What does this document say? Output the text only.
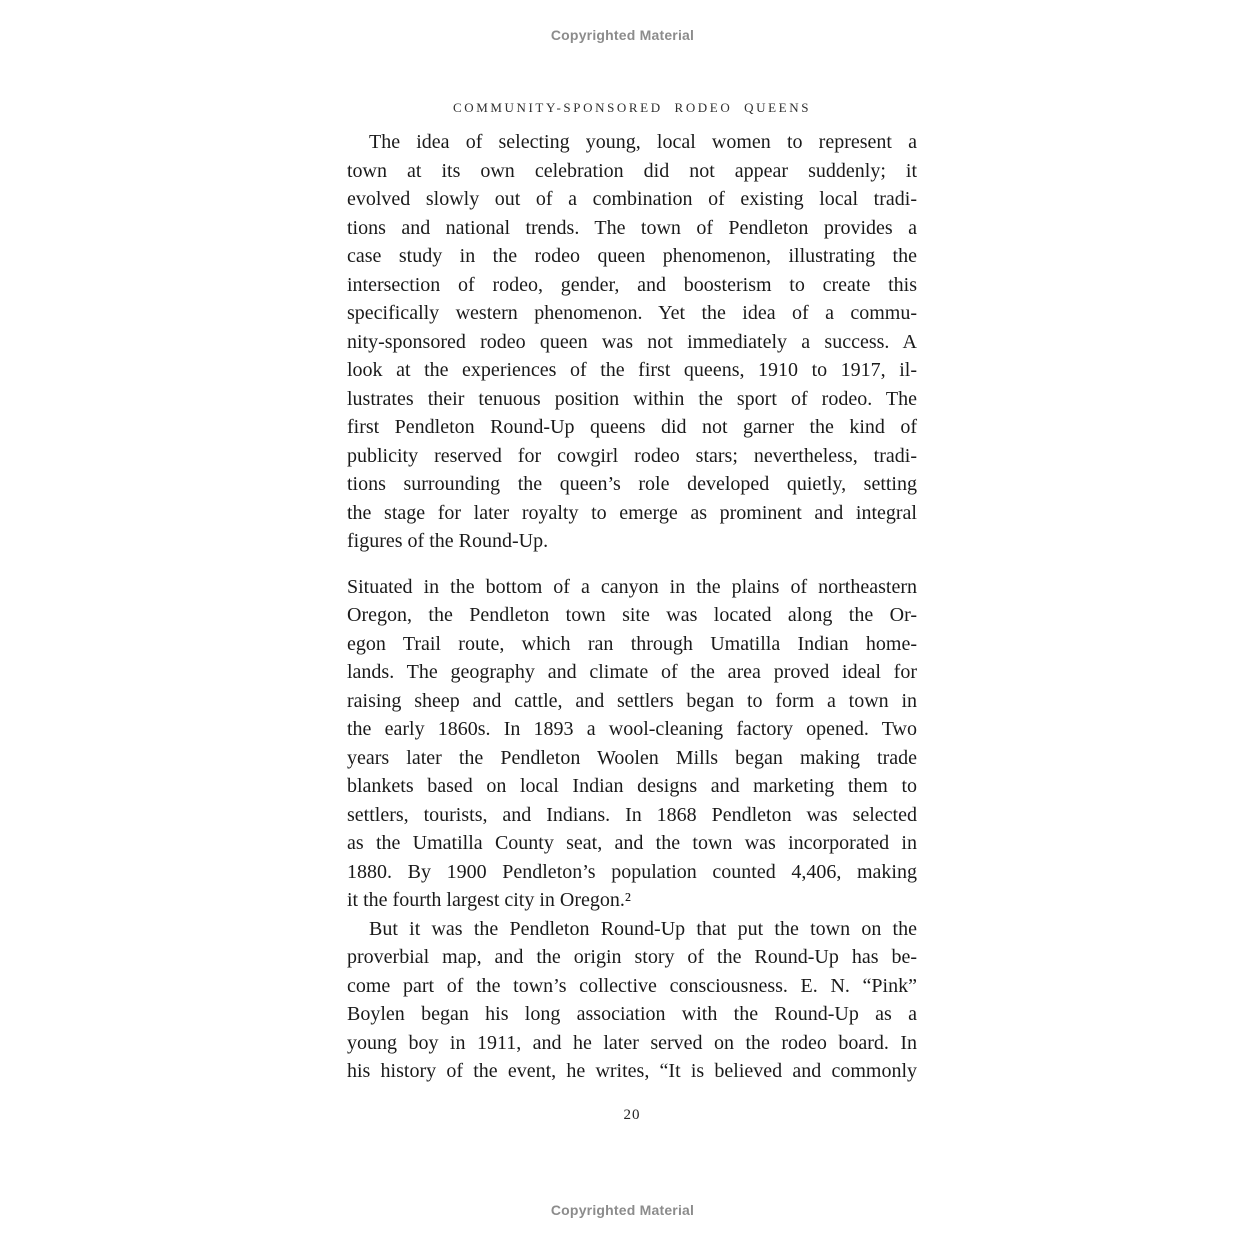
Copyrighted Material
COMMUNITY-SPONSORED RODEO QUEENS
The idea of selecting young, local women to represent a
town at its own celebration did not appear suddenly; it
evolved slowly out of a combination of existing local tradi-
tions and national trends. The town of Pendleton provides a
case study in the rodeo queen phenomenon, illustrating the
intersection of rodeo, gender, and boosterism to create this
specifically western phenomenon. Yet the idea of a commu-
nity-sponsored rodeo queen was not immediately a success. A
look at the experiences of the first queens, 1910 to 1917, il-
lustrates their tenuous position within the sport of rodeo. The
first Pendleton Round-Up queens did not garner the kind of
publicity reserved for cowgirl rodeo stars; nevertheless, tradi-
tions surrounding the queen’s role developed quietly, setting
the stage for later royalty to emerge as prominent and integral
figures of the Round-Up.
Situated in the bottom of a canyon in the plains of northeastern
Oregon, the Pendleton town site was located along the Or-
egon Trail route, which ran through Umatilla Indian home-
lands. The geography and climate of the area proved ideal for
raising sheep and cattle, and settlers began to form a town in
the early 1860s. In 1893 a wool-cleaning factory opened. Two
years later the Pendleton Woolen Mills began making trade
blankets based on local Indian designs and marketing them to
settlers, tourists, and Indians. In 1868 Pendleton was selected
as the Umatilla County seat, and the town was incorporated in
1880. By 1900 Pendleton’s population counted 4,406, making
it the fourth largest city in Oregon.²
But it was the Pendleton Round-Up that put the town on the
proverbial map, and the origin story of the Round-Up has be-
come part of the town’s collective consciousness. E. N. “Pink”
Boylen began his long association with the Round-Up as a
young boy in 1911, and he later served on the rodeo board. In
his history of the event, he writes, “It is believed and commonly
20
Copyrighted Material
